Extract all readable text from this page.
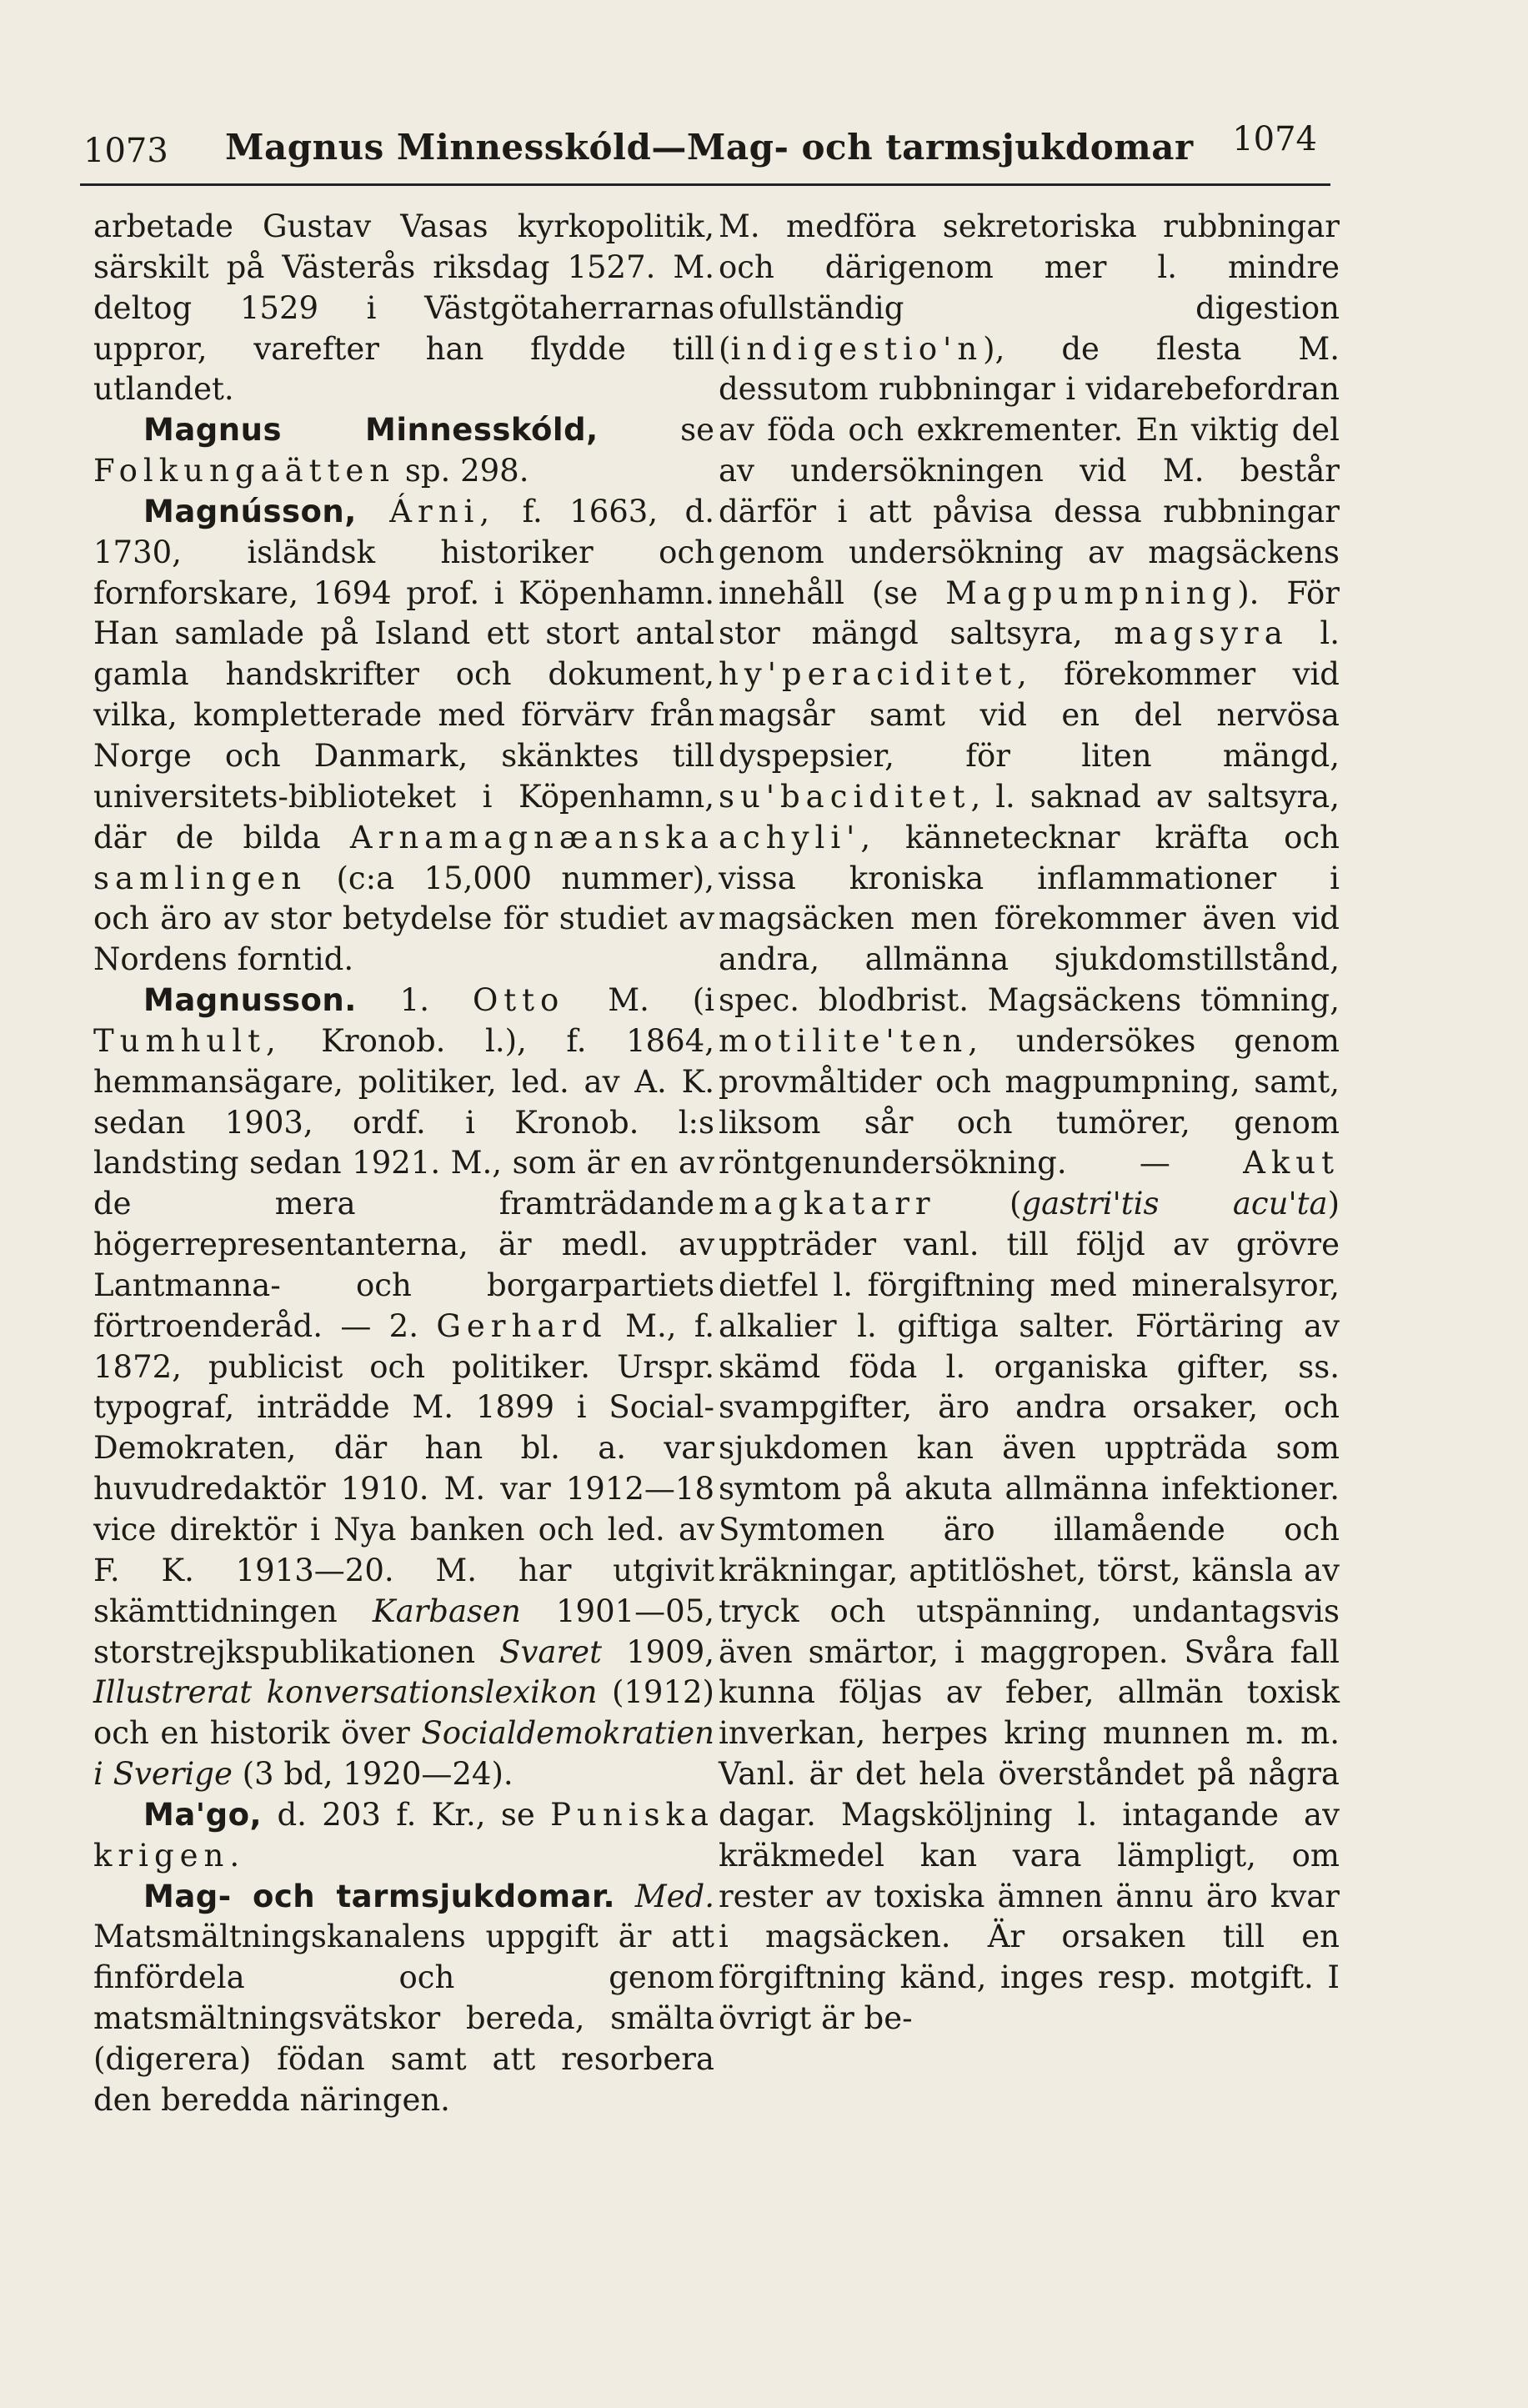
1073 Magnus Minnesskóld—Mag- och tarmsjukdomar 1074

arbetade Gustav Vasas kyrkopolitik, särskilt på Västerås riksdag 1527. M. deltog 1529 i Västgötaherrarnas uppror, varefter han flydde till utlandet.

Magnus Minnesskóld, se Folkungaätten sp. 298.

Magnússon, Árni, f. 1663, d. 1730, isländsk historiker och fornforskare, 1694 prof. i Köpenhamn. Han samlade på Island ett stort antal gamla handskrifter och dokument, vilka, kompletterade med förvärv från Norge och Danmark, skänktes till universitets-biblioteket i Köpenhamn, där de bilda Arnamagnæanska samlingen (c:a 15,000 nummer), och äro av stor betydelse för studiet av Nordens forntid.

Magnusson. 1. Otto M. (i Tumhult, Kronob. l.), f. 1864, hemmansägare, politiker, led. av A. K. sedan 1903, ordf. i Kronob. l:s landsting sedan 1921. M., som är en av de mera framträdande högerrepresentanterna, är medl. av Lantmanna- och borgarpartiets förtroenderåd. — 2. Gerhard M., f. 1872, publicist och politiker. Urspr. typograf, inträdde M. 1899 i Social-Demokraten, där han bl. a. var huvudredaktör 1910. M. var 1912—18 vice direktör i Nya banken och led. av F. K. 1913—20. M. har utgivit skämttidningen Karbasen 1901—05, storstrejkspublikationen Svaret 1909, Illustrerat konversationslexikon (1912) och en historik över Socialdemokratien i Sverige (3 bd, 1920—24).

Ma'go, d. 203 f. Kr., se Puniska krigen.

Mag- och tarmsjukdomar. Med. Matsmältningskanalens uppgift är att finfördela och genom matsmältningsvätskor bereda, smälta (digerera) födan samt att resorbera den beredda näringen.

M. medföra sekretoriska rubbningar och därigenom mer l. mindre ofullständig digestion (indigestio'n), de flesta M. dessutom rubbningar i vidarebefordran av föda och exkrementer. En viktig del av undersökningen vid M. består därför i att påvisa dessa rubbningar genom undersökning av magsäckens innehåll (se Magpumpning). För stor mängd saltsyra, magsyra l. hy'peraciditet, förekommer vid magsår samt vid en del nervösa dyspepsier, för liten mängd, su'baciditet, l. saknad av saltsyra, achyli', kännetecknar kräfta och vissa kroniska inflammationer i magsäcken men förekommer även vid andra, allmänna sjukdomstillstånd, spec. blodbrist. Magsäckens tömning, motilite'ten, undersökes genom provmåltider och magpumpning, samt, liksom sår och tumörer, genom röntgenundersökning. — Akut magkatarr (gastri'tis acu'ta) uppträder vanl. till följd av grövre dietfel l. förgiftning med mineralsyror, alkalier l. giftiga salter. Förtäring av skämd föda l. organiska gifter, ss. svampgifter, äro andra orsaker, och sjukdomen kan även uppträda som symtom på akuta allmänna infektioner. Symtomen äro illamående och kräkningar, aptitlöshet, törst, känsla av tryck och utspänning, undantagsvis även smärtor, i maggropen. Svåra fall kunna följas av feber, allmän toxisk inverkan, herpes kring munnen m. m. Vanl. är det hela överståndet på några dagar. Magsköljning l. intagande av kräkmedel kan vara lämpligt, om rester av toxiska ämnen ännu äro kvar i magsäcken. Är orsaken till en förgiftning känd, inges resp. motgift. I övrigt är be-
